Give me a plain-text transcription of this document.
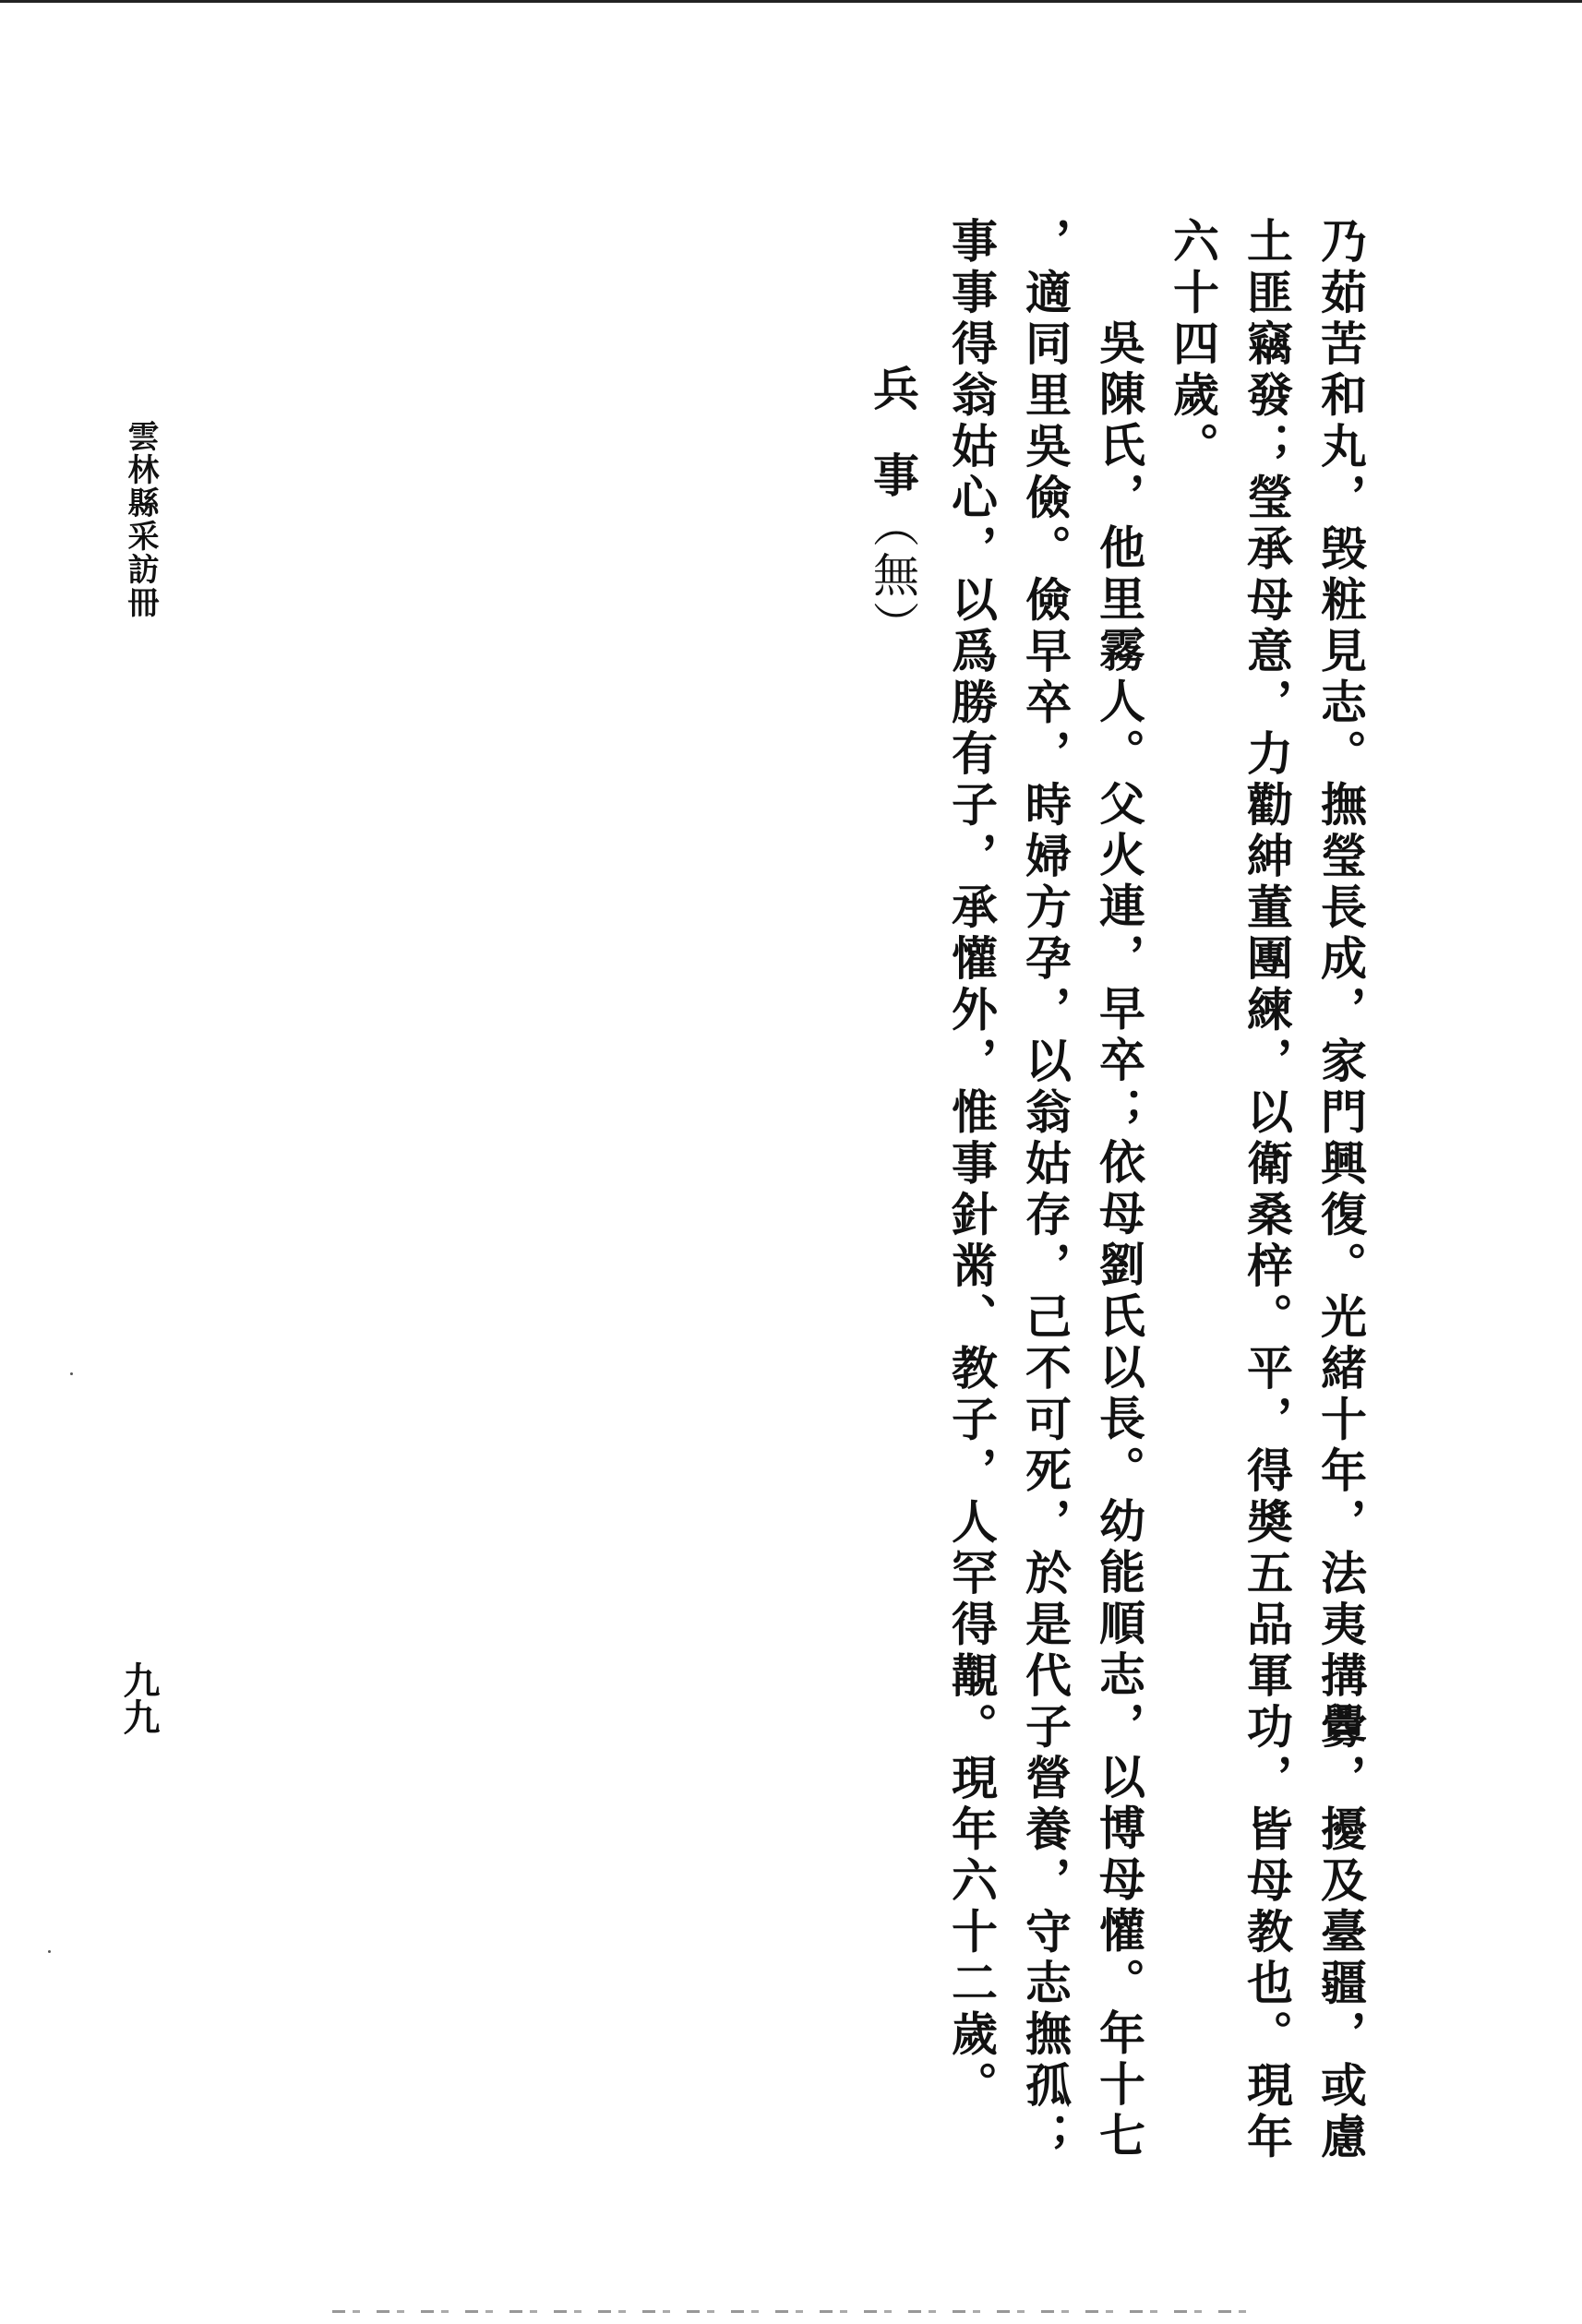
乃茹苦和丸，毁粧見志。撫瑩長成，家門興復。光緒十年，法夷搆釁，擾及臺疆，或慮
土匪竊發；瑩承母意，力勸紳董團練，以衛桑梓。平，得奬五品軍功，皆母教也。現年
六十四歲。
吳陳氏，他里霧人。父火連，早卒；依母劉氏以長。幼能順志，以博母懽。年十七
，適同里吳儉。儉早卒，時婦方孕，以翁姑存，己不可死，於是代子營養，守志撫孤；
事事得翁姑心，以爲勝有子，承懽外，惟事針黹、教子，人罕得覯。現年六十二歲。
兵事（無）
雲林縣采訪冊
九九
